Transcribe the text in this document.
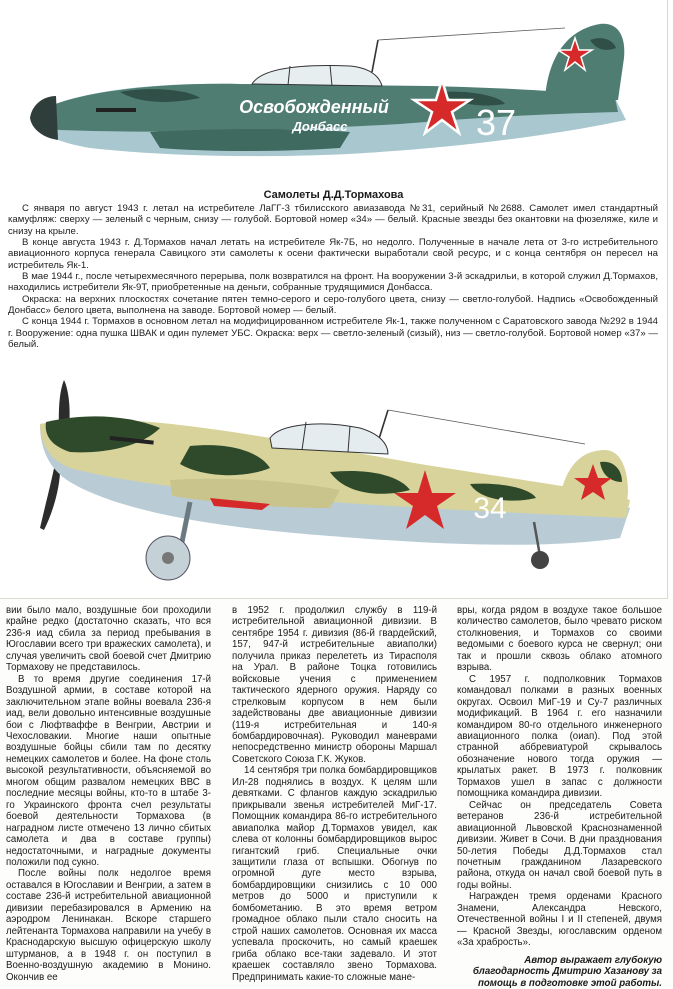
Освобожденный
Донбасс	37
Самолеты Д.Д.Тормахова

С января по август 1943 г. летал на истребителе ЛаГГ-3 тбилисского авиазавода №31, серийный №2688. Самолет имел стандартный камуфляж: сверху — зеленый с черным, снизу — голубой. Бортовой номер «34» — белый. Красные звезды без окантовки на фюзеляже, киле и снизу на крыле.

В конце августа 1943 г. Д.Тормахов начал летать на истребителе Як-7Б, но недолго. Полученные в начале лета от 3-го истребительного авиационного корпуса генерала Савицкого эти самолеты к осени фактически выработали свой ресурс, и с конца сентября он пересел на истребитель Як-1.

В мае 1944 г., после четырехмесячного перерыва, полк возвратился на фронт. На вооружении 3-й эскадрильи, в которой служил Д.Тормахов, находились истребители Як-9Т, приобретенные на деньги, собранные трудящимися Донбасса.

Окраска: на верхних плоскостях сочетание пятен темно-серого и серо-голубого цвета, снизу — светло-голубой. Надпись «Освобожденный Донбасс» белого цвета, выполнена на заводе. Бортовой номер — белый.

С конца 1944 г. Тормахов в основном летал на модифицированном истребителе Як-1, также полученном с Саратовского завода №292 в 1944 г. Вооружение: одна пушка ШВАК и один пулемет УБС. Окраска: верх — светло-зеленый (сизый), низ — светло-голубой. Бортовой номер «37» — белый.

34

вии было мало, воздушные бои проходили крайне редко (достаточно сказать, что вся 236-я иад сбила за период пребывания в Югославии всего три вражеских самолета), и случая увеличить свой боевой счет Дмитрию Тормахову не представилось.

В то время другие соединения 17-й Воздушной армии, в составе которой на заключительном этапе войны воевала 236-я иад, вели довольно интенсивные воздушные бои с Люфтваффе в Венгрии, Австрии и Чехословакии. Многие наши опытные воздушные бойцы сбили там по десятку немецких самолетов и более. На фоне столь высокой результативности, объясняемой во многом общим развалом немецких ВВС в последние месяцы войны, кто-то в штабе 3-го Украинского фронта счел результаты боевой деятельности Тормахова (в наградном листе отмечено 13 лично сбитых самолета и два в составе группы) недостаточными, и наградные документы положили под сукно.

После войны полк недолгое время оставался в Югославии и Венгрии, а затем в составе 236-й истребительной авиационной дивизии перебазировался в Армению на аэродром Ленинакан. Вскоре старшего лейтенанта Тормахова направили на учебу в Краснодарскую высшую офицерскую школу штурманов, а в 1948 г. он поступил в Военно-воздушную академию в Монино. Окончив ее

в 1952 г. продолжил службу в 119-й истребительной авиационной дивизии. В сентябре 1954 г. дивизия (86-й гвардейский, 157, 947-й истребительные авиаполки) получила приказ перелететь из Тирасполя на Урал. В районе Тоцка готовились войсковые учения с применением тактического ядерного оружия. Наряду со стрелковым корпусом в нем были задействованы две авиационные дивизии (119-я истребительная и 140-я бомбардировочная). Руководил маневрами непосредственно министр обороны Маршал Советского Союза Г.К. Жуков.

14 сентября три полка бомбардировщиков Ил-28 поднялись в воздух. К целям шли девятками. С флангов каждую эскадрилью прикрывали звенья истребителей МиГ-17. Помощник командира 86-го истребительного авиаполка майор Д.Тормахов увидел, как слева от колонны бомбардировщиков вырос гигантский гриб. Специальные очки защитили глаза от вспышки. Обогнув по огромной дуге место взрыва, бомбардировщики снизились с 10 000 метров до 5000 и приступили к бомбометанию. В это время ветром громадное облако пыли стало сносить на строй наших самолетов. Основная их масса успевала проскочить, но самый краешек гриба облако все-таки задевало. И этот краешек составляло звено Тормахова. Предпринимать какие-то сложные мане-

вры, когда рядом в воздухе такое большое количество самолетов, было чревато риском столкновения, и Тормахов со своими ведомыми с боевого курса не свернул; они так и прошли сквозь облако атомного взрыва.

С 1957 г. подполковник Тормахов командовал полками в разных военных округах. Освоил МиГ-19 и Су-7 различных модификаций. В 1964 г. его назначили командиром 80-го отдельного инженерного авиационного полка (оиап). Под этой странной аббревиатурой скрывалось обозначение нового тогда оружия — крылатых ракет. В 1973 г. полковник Тормахов ушел в запас с должности помощника командира дивизии.

Сейчас он председатель Совета ветеранов 236-й истребительной авиационной Львовской Краснознаменной дивизии. Живет в Сочи. В дни празднования 50-летия Победы Д.Д.Тормахов стал почетным гражданином Лазаревского района, откуда он начал свой боевой путь в годы войны.

Награжден тремя орденами Красного Знамени, Александра Невского, Отечественной войны I и II степеней, двумя — Красной Звезды, югославским орденом «За храбрость».

Автор выражает глубокую благодарность Дмитрию Хазанову за помощь в подготовке этой работы.
